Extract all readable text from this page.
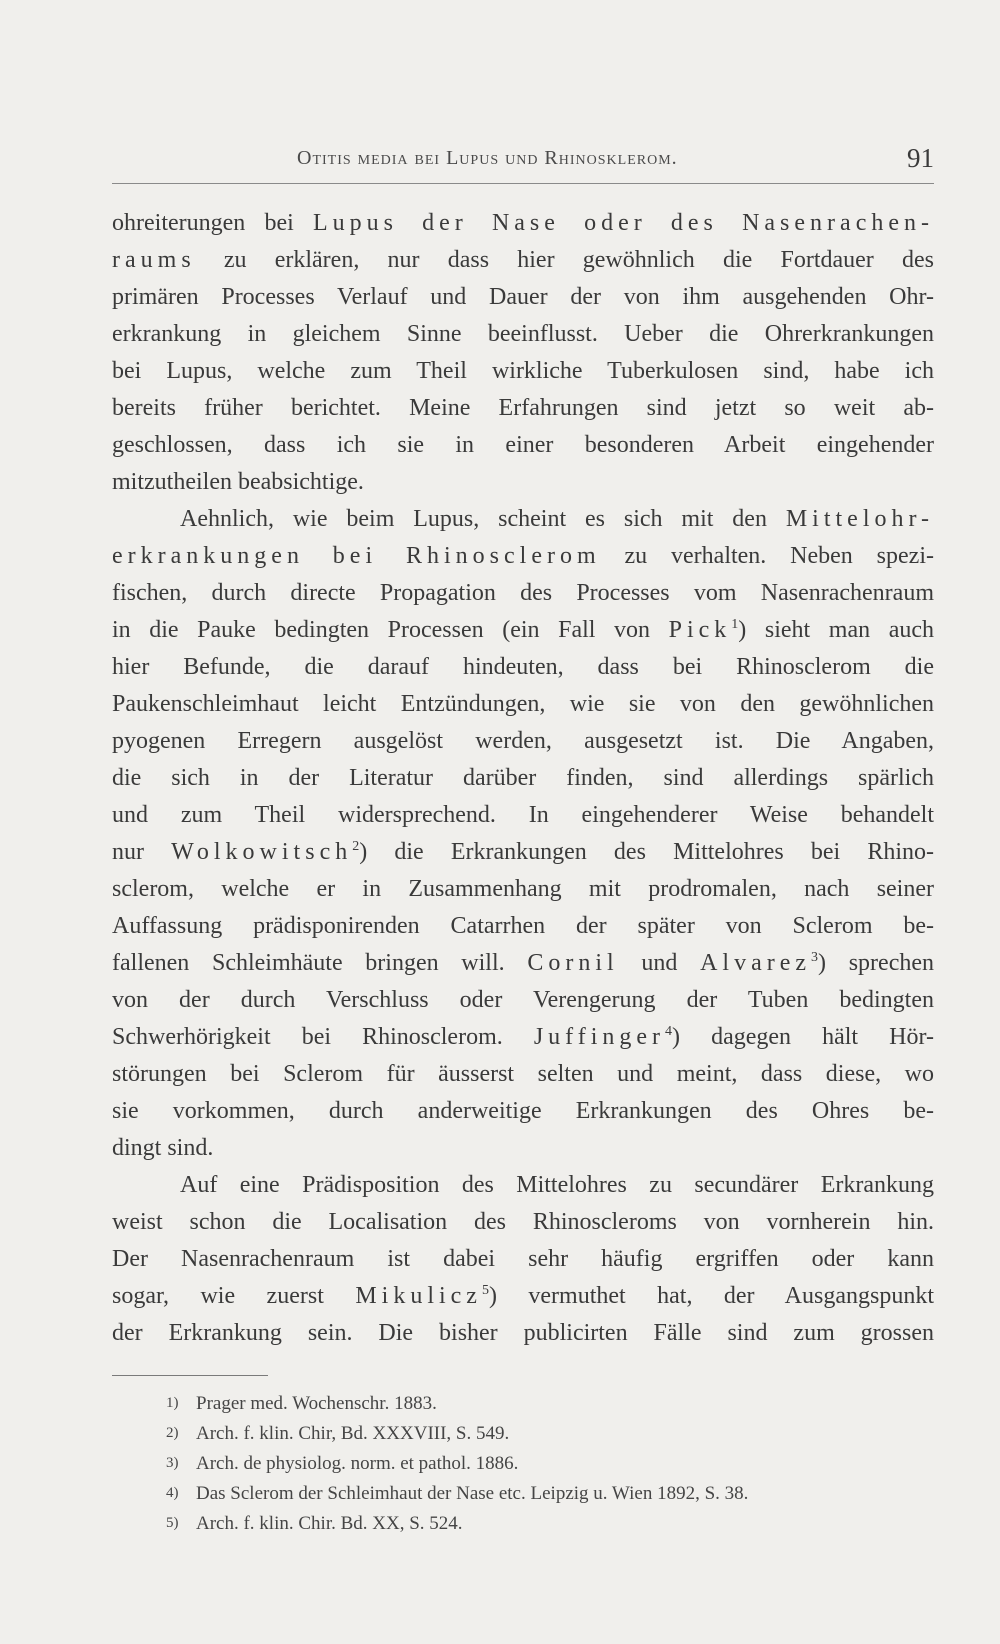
Otitis media bei Lupus und Rhinosklerom.	91
ohreiterungen bei Lupus der Nase oder des Nasenrachen-
raums zu erklären, nur dass hier gewöhnlich die Fortdauer des
primären Processes Verlauf und Dauer der von ihm ausgehenden Ohr-
erkrankung in gleichem Sinne beeinflusst. Ueber die Ohrerkrankungen
bei Lupus, welche zum Theil wirkliche Tuberkulosen sind, habe ich
bereits früher berichtet. Meine Erfahrungen sind jetzt so weit ab-
geschlossen, dass ich sie in einer besonderen Arbeit eingehender
mitzutheilen beabsichtige.
Aehnlich, wie beim Lupus, scheint es sich mit den Mittelohr-
erkrankungen bei Rhinosclerom zu verhalten. Neben spezi-
fischen, durch directe Propagation des Processes vom Nasenrachenraum
in die Pauke bedingten Processen (ein Fall von Pick$^1$) sieht man auch
hier Befunde, die darauf hindeuten, dass bei Rhinosclerom die
Paukenschleimhaut leicht Entzündungen, wie sie von den gewöhnlichen
pyogenen Erregern ausgelöst werden, ausgesetzt ist. Die Angaben,
die sich in der Literatur darüber finden, sind allerdings spärlich
und zum Theil widersprechend. In eingehenderer Weise behandelt
nur Wolkowitsch$^2$) die Erkrankungen des Mittelohres bei Rhino-
sclerom, welche er in Zusammenhang mit prodromalen, nach seiner
Auffassung prädisponirenden Catarrhen der später von Sclerom be-
fallenen Schleimhäute bringen will. Cornil und Alvarez$^3$) sprechen
von der durch Verschluss oder Verengerung der Tuben bedingten
Schwerhörigkeit bei Rhinosclerom. Juffinger$^4$) dagegen hält Hör-
störungen bei Sclerom für äusserst selten und meint, dass diese, wo
sie vorkommen, durch anderweitige Erkrankungen des Ohres be-
dingt sind.
Auf eine Prädisposition des Mittelohres zu secundärer Erkrankung
weist schon die Localisation des Rhinoscleroms von vornherein hin.
Der Nasenrachenraum ist dabei sehr häufig ergriffen oder kann
sogar, wie zuerst Mikulicz$^5$) vermuthet hat, der Ausgangspunkt
der Erkrankung sein. Die bisher publicirten Fälle sind zum grossen
1) Prager med. Wochenschr. 1883.
2) Arch. f. klin. Chir, Bd. XXXVIII, S. 549.
3) Arch. de physiolog. norm. et pathol. 1886.
4) Das Sclerom der Schleimhaut der Nase etc. Leipzig u. Wien 1892, S. 38.
5) Arch. f. klin. Chir. Bd. XX, S. 524.
